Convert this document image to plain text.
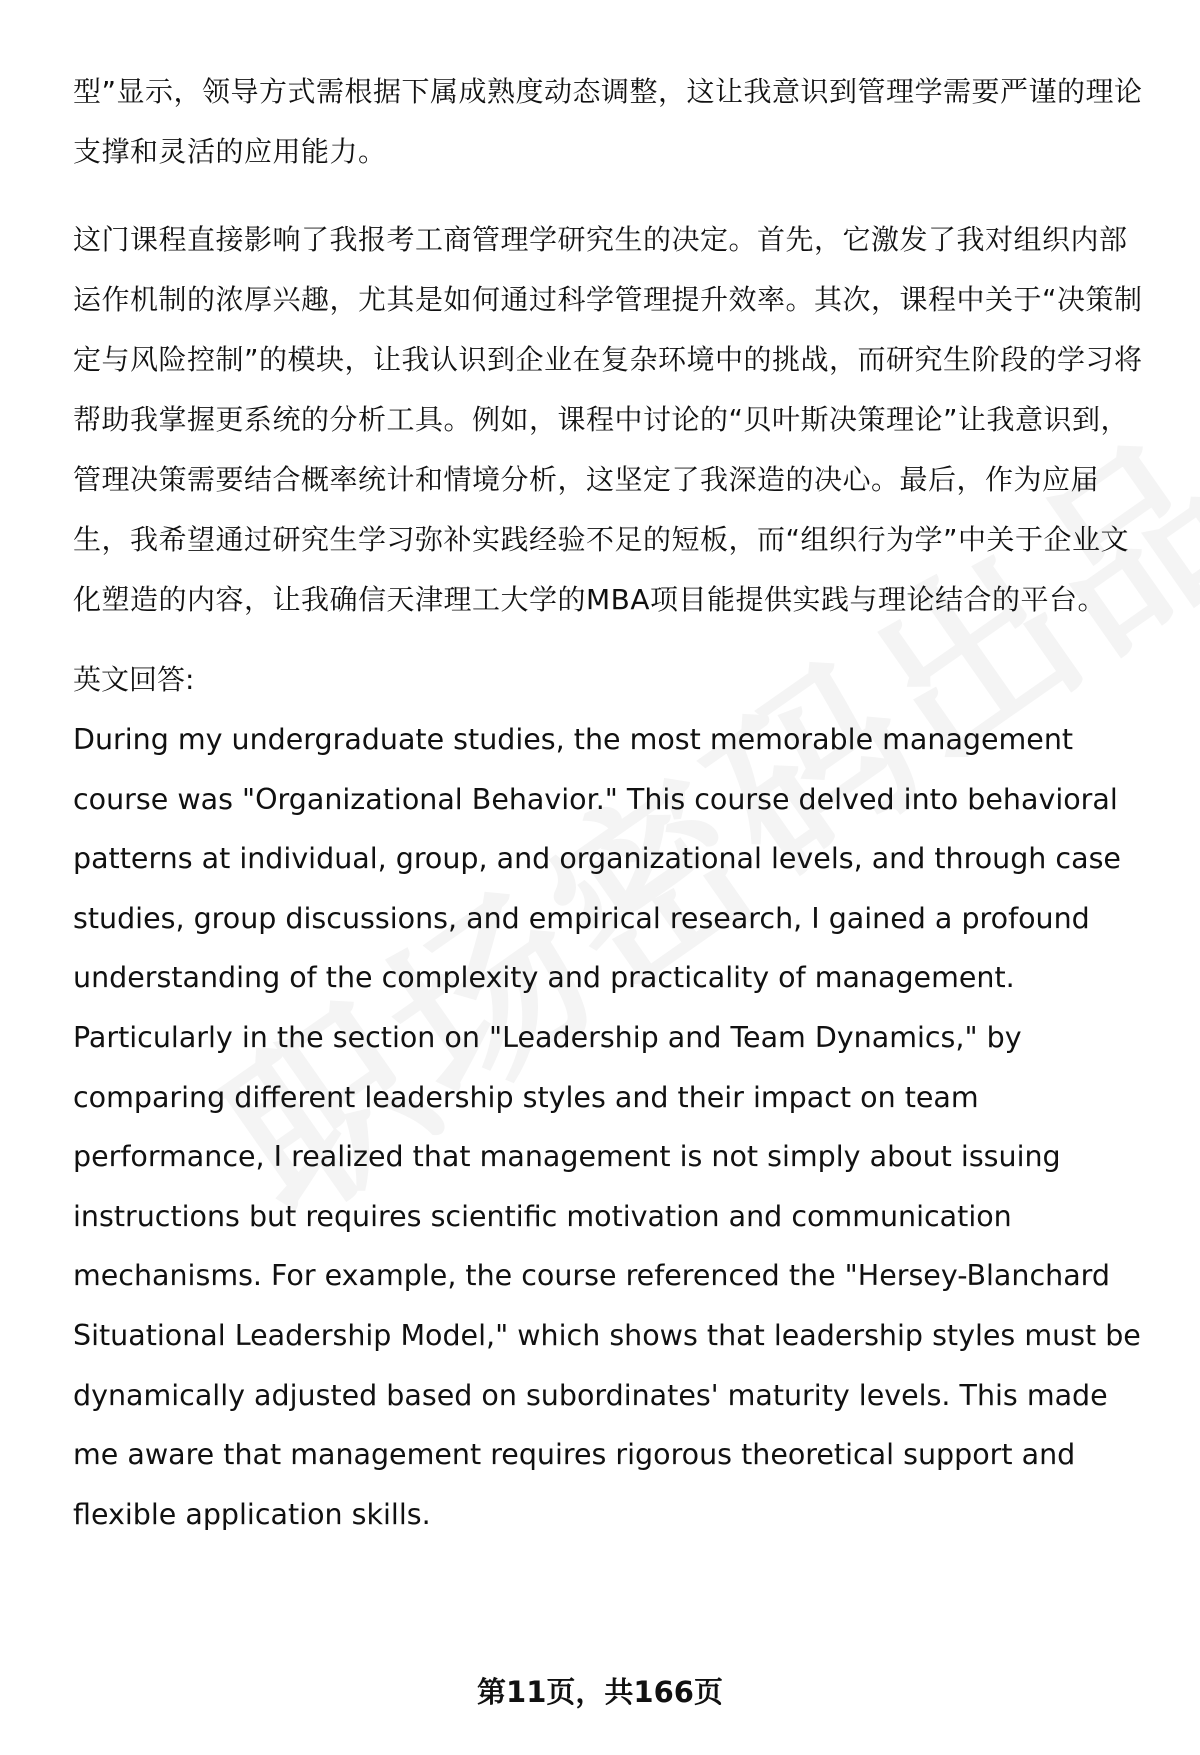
型”显示，领导方式需根据下属成熟度动态调整，这让我意识到管理学需要严谨的理论支撑和灵活的应用能力。

这门课程直接影响了我报考工商管理学研究生的决定。首先，它激发了我对组织内部运作机制的浓厚兴趣，尤其是如何通过科学管理提升效率。其次，课程中关于“决策制定与风险控制”的模块，让我认识到企业在复杂环境中的挑战，而研究生阶段的学习将帮助我掌握更系统的分析工具。例如，课程中讨论的“贝叶斯决策理论”让我意识到，管理决策需要结合概率统计和情境分析，这坚定了我深造的决心。最后，作为应届生，我希望通过研究生学习弥补实践经验不足的短板，而“组织行为学”中关于企业文化塑造的内容，让我确信天津理工大学的MBA项目能提供实践与理论结合的平台。

英文回答:

During my undergraduate studies, the most memorable management course was "Organizational Behavior." This course delved into behavioral patterns at individual, group, and organizational levels, and through case studies, group discussions, and empirical research, I gained a profound understanding of the complexity and practicality of management. Particularly in the section on "Leadership and Team Dynamics," by comparing different leadership styles and their impact on team performance, I realized that management is not simply about issuing instructions but requires scientific motivation and communication mechanisms. For example, the course referenced the "Hersey-Blanchard Situational Leadership Model," which shows that leadership styles must be dynamically adjusted based on subordinates' maturity levels. This made me aware that management requires rigorous theoretical support and flexible application skills.

第11页，共166页
